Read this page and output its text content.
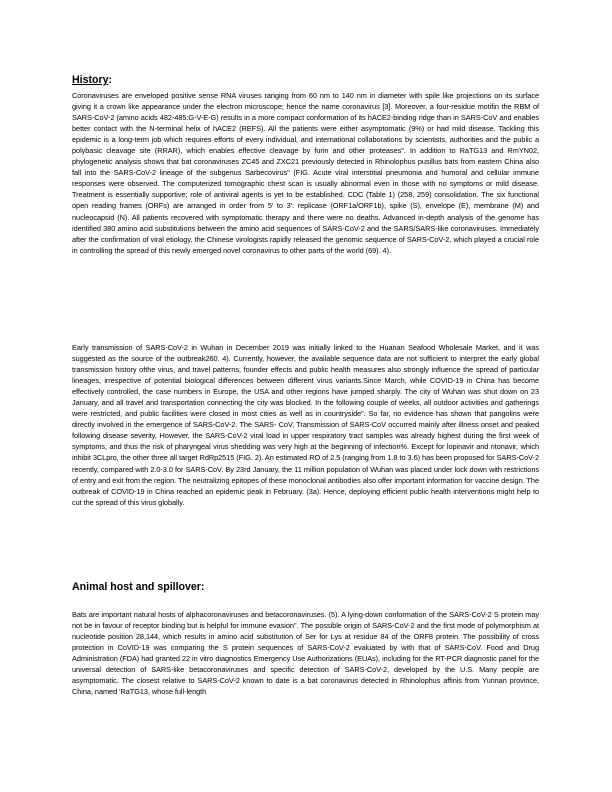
History:

Coronaviruses are enveloped positive sense RNA viruses ranging from 60 nm to 140 nm in diameter with spile like projections on its surface giving it a crown like appearance under the electron microscope; hence the name coronavirus [3]. Moreover, a four-residue motifin the RBM of SARS-CoV-2 (amino acids 482-485:G-V-E-G) results in a more compact conformation of its hACE2-binding ridge than in SARS-CoV and enables better contact with the N-terminal helix of hACE2 (REFS). All the patients were either asymptomatic (9%) or had mild disease. Tackling this epidemic is a long-term job which requires efforts of every individual, and international collaborations by scientists, authorities and the public a polybasic cleavage site (RRAR), which enables effective cleavage by furin and other proteases". In addition to RaTG13 and RmYN02, phylogenetic analysis shows that bat coronaviruses ZC45 and ZXC21 previously detected in Rhinolophus pusillus bats from eastern China also fall into the SARS-CoV-2 lineage of the subgenus Sarbecovirus" (FIG. Acute viral interstitial pneumonia and humoral and cellular immune responses were observed. The computerized tomographic chest scan is usually abnormal even in those with no symptoms or mild disease. Treatment is essentially supportive; role of antiviral agents is yet to be established. CDC (Table 1) (258, 259) consolidation. The six functional open reading frames (ORFs) are arranged in order from 5' to 3': replicase (ORF1a/ORF1b), spike (S), envelope (E), membrane (M) and nucleocapsid (N). All patients recovered with symptomatic therapy and there were no deaths. Advanced in-depth analysis of the genome has identified 380 amino acid substitutions between the amino acid sequences of SARS-CoV-2 and the SARS/SARS-like coronaviruses. Immediately after the confirmation of viral etiology, the Chinese virologists rapidly released the genomic sequence of SARS-CoV-2, which played a crucial role in controlling the spread of this newly emerged novel coronavirus to other parts of the world (69). 4).

Early transmission of SARS-CoV-2 in Wuhan in December 2019 was initially linked to the Huanan Seafood Wholesale Market, and it was suggested as the source of the outbreak260. 4). Currently, however, the available sequence data are not sufficient to interpret the early global transmission history ofthe virus, and travel patterns, founder effects and public health measures also strongly influence the spread of particular lineages, irrespective of potential biological differences between different virus variants.Since March, while COVID-19 in China has become effectively controlled, the case numbers in Europe, the USA and other regions have jumped sharply. The city of Wuhan was shut down on 23 January, and all travel and transportation connecting the city was blocked. In the following couple of weeks, all outdoor activities and gatherings were restricted, and public facilities were closed in most cities as well as in countryside". So far, no evidence has shown that pangolins were directly involved in the emergence of SARS-CoV-2. The SARS- CoV, Transmission of SARS-CoV occurred mainly after illness onset and peaked following disease severity, However, the SARS-CoV-2 viral load in upper respiratory tract samples was already highest during the first week of symptoms, and thus the risk of pharyngeal virus shedding was very high at the beginning of infection%. Except for lopinavir and ritonavir, which inhibit 3CLpro, the other three all target RdRp2515 (FIG. 2). An estimated RO of 2.5 (ranging from 1.8 to 3.6) has been proposed for SARS-CoV-2 recently, compared with 2.0-3.0 for SARS-CoV. By 23rd January, the 11 million population of Wuhan was placed under lock down with restrictions of entry and exit from the region. The neutralizing epitopes of these monoclonal antibodies also offer important information for vaccine design. The outbreak of COVID-19 in China reached an epidemic peak in February. (3a). Hence, deploying efficient public health interventions might help to cut the spread of this virus globally.

Animal host and spillover:

Bats are important natural hosts of alphacoronaviruses and betacoronaviruses. (5). A lying-down conformation of the SARS-CoV-2 S protein may not be in favour of receptor binding but is helpful for immune evasion". The possible origin of SARS-CoV-2 and the first mode of polymorphism at nucleotide position 28,144, which results in amino acid substitution of Ser for Lys at residue 84 of the ORF8 protein. The possibility of cross protection in CoVID-19 was comparing the S protein sequences of SARS-CoV-2 evaluated by with that of SARS-CoV. Food and Drug Administration (FDA) had granted 22 in vitro diagnostics Emergency Use Authorizations (EUAs), including for the RT-PCR diagnostic panel for the universal detection of SARS-like betacoronaviruses and specific detection of SARS-CoV-2, developed by the U.S. Many people are asymptomatic. The closest relative to SARS-CoV-2 known to date is a bat coronavirus detected in Rhinolophus affinis from Yunnan province, China, named 'RaTG13, whose full-length
